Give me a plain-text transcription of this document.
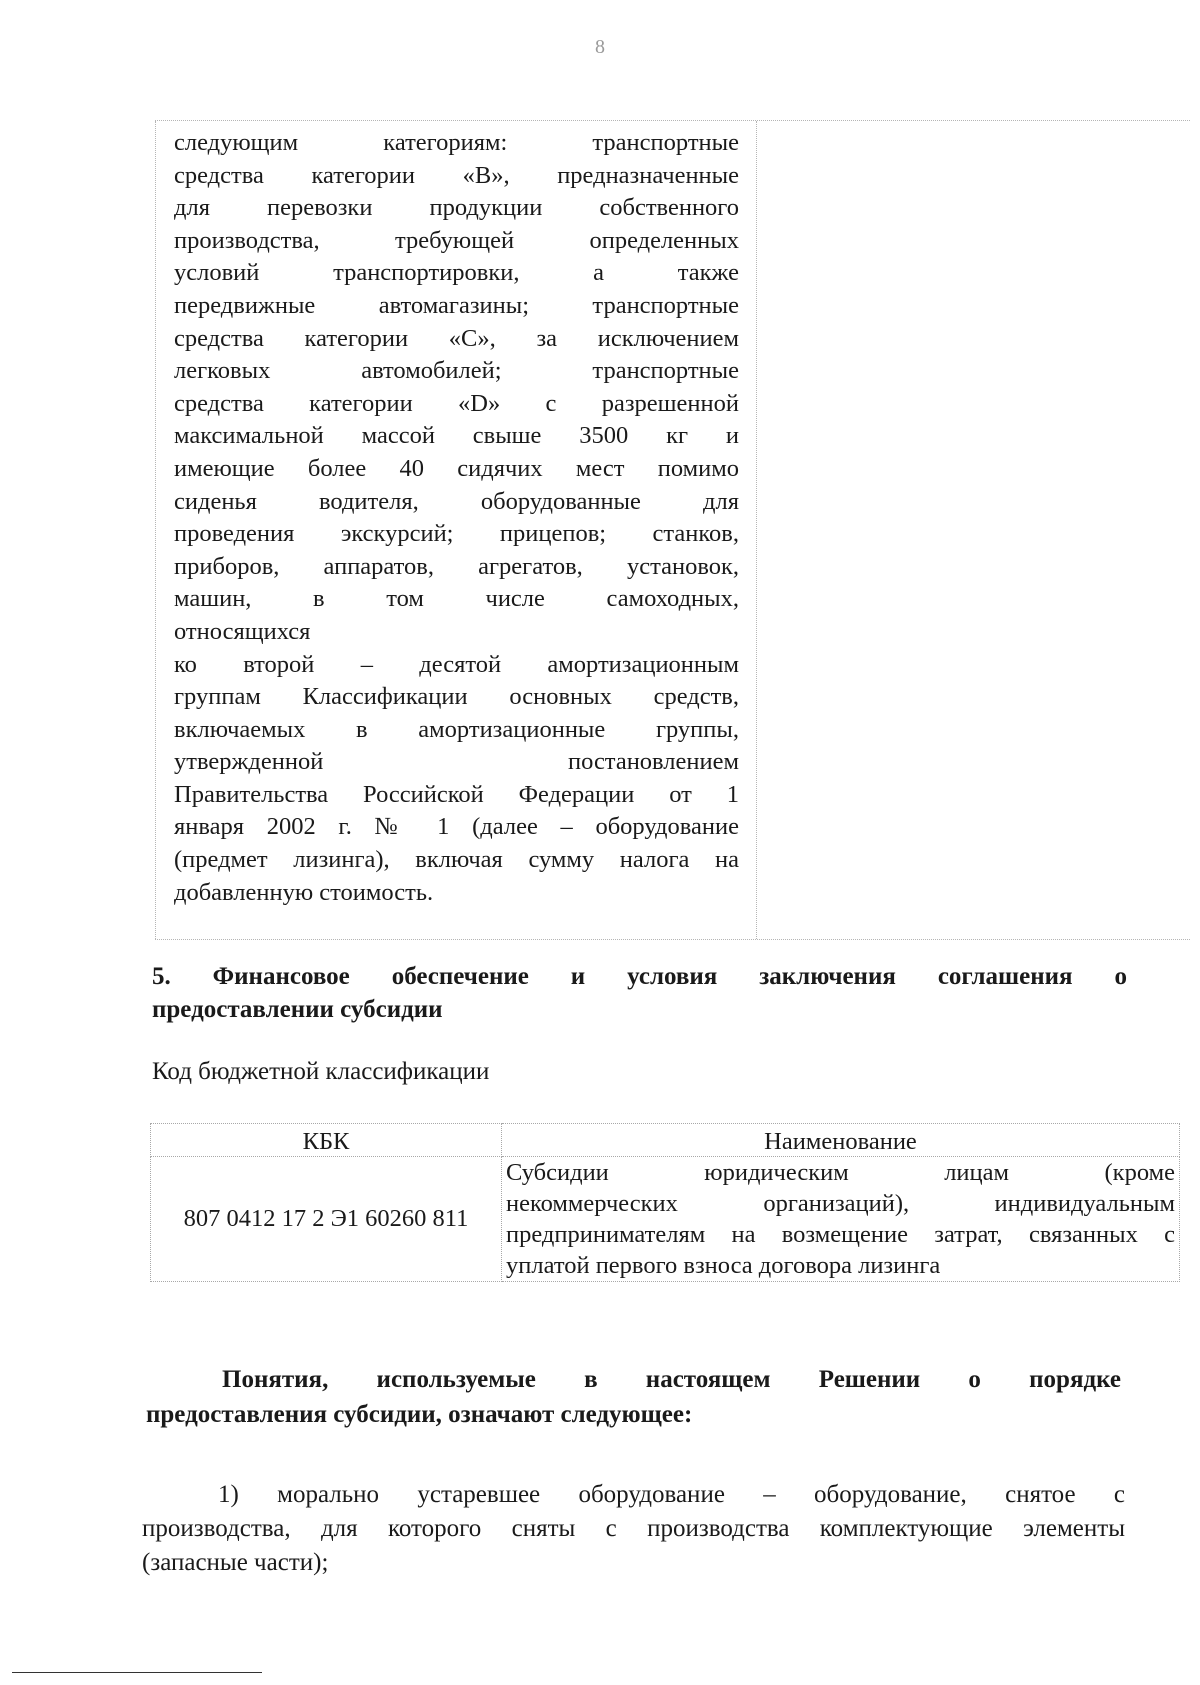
8
следующим категориям: транспортные
средства категории «В», предназначенные
для перевозки продукции собственного
производства, требующей определенных
условий транспортировки, а также
передвижные автомагазины; транспортные
средства категории «С», за исключением
легковых автомобилей; транспортные
средства категории «D» с разрешенной
максимальной массой свыше 3500 кг и
имеющие более 40 сидячих мест помимо
сиденья водителя, оборудованные для
проведения экскурсий; прицепов; станков,
приборов, аппаратов, агрегатов, установок,
машин, в том числе самоходных,
относящихся
ко второй – десятой амортизационным
группам Классификации основных средств,
включаемых в амортизационные группы,
утвержденной постановлением
Правительства Российской Федерации от 1
января 2002 г. № 1 (далее – оборудование
(предмет лизинга), включая сумму налога на
добавленную стоимость.
5. Финансовое обеспечение и условия заключения соглашения о
предоставлении субсидии
Код бюджетной классификации
КБК	Наименование
807 0412 17 2 Э1 60260 811	Субсидии юридическим лицам (кроме
некоммерческих организаций), индивидуальным
предпринимателям на возмещение затрат, связанных с
уплатой первого взноса договора лизинга
Понятия, используемые в настоящем Решении о порядке
предоставления субсидии, означают следующее:
1) морально устаревшее оборудование – оборудование, снятое с
производства, для которого сняты с производства комплектующие элементы
(запасные части);
